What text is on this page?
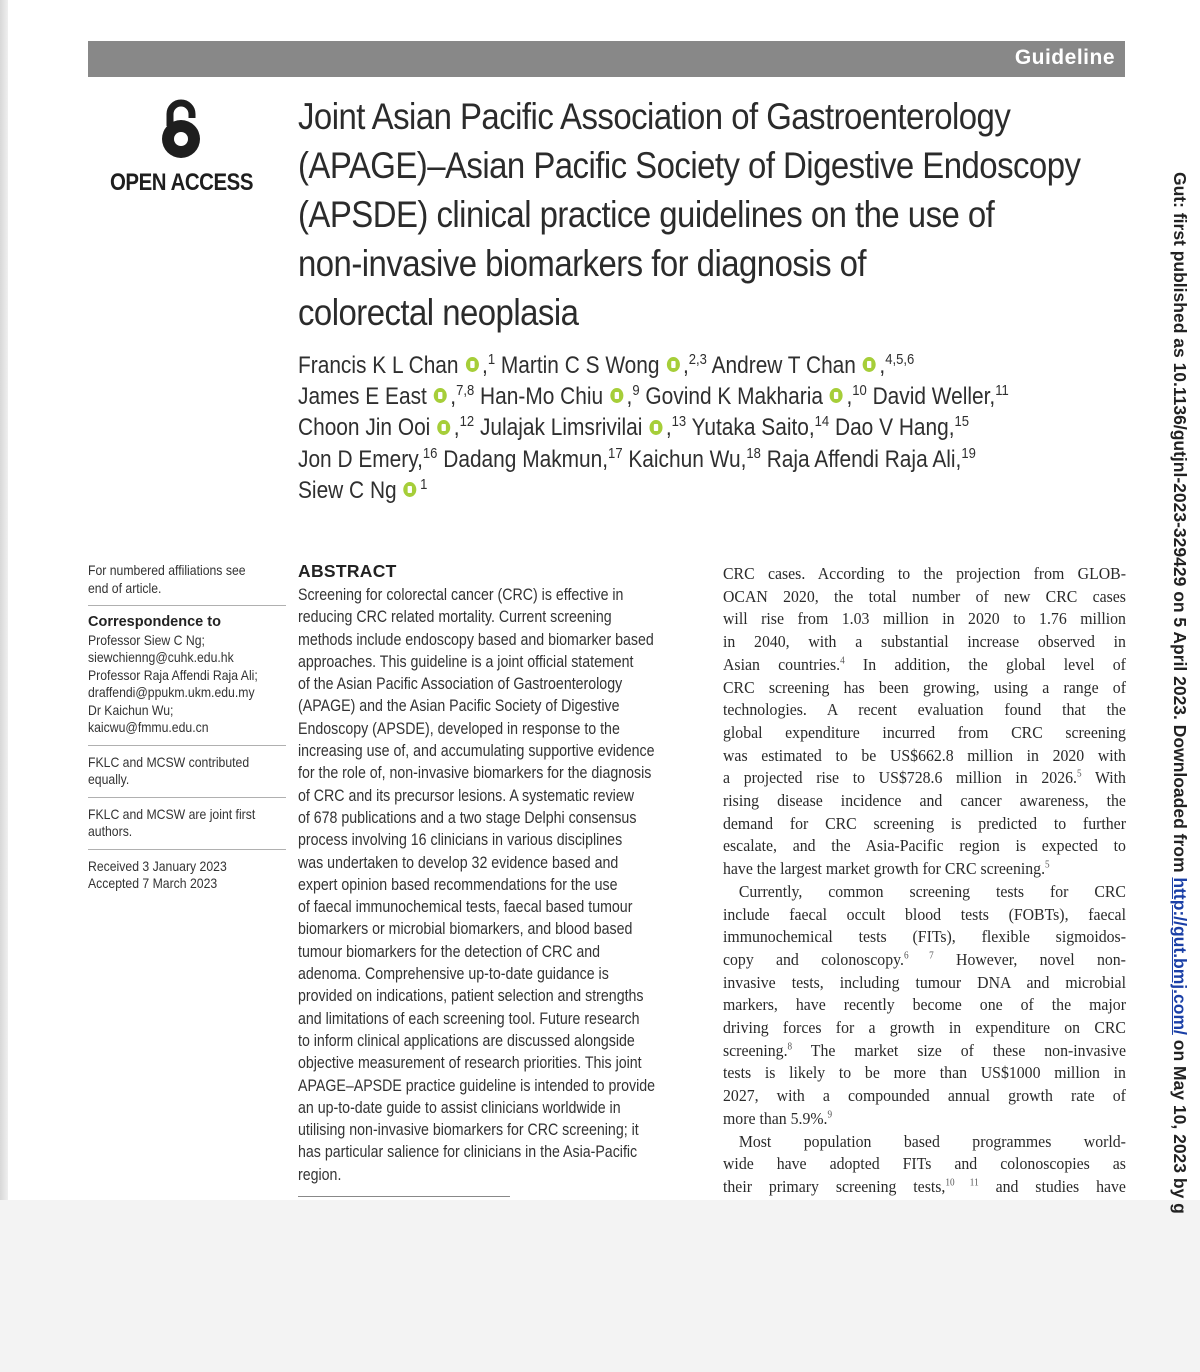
Guideline
OPEN ACCESS
Joint Asian Pacific Association of Gastroenterology
(APAGE)–Asian Pacific Society of Digestive Endoscopy
(APSDE) clinical practice guidelines on the use of
non-invasive biomarkers for diagnosis of
colorectal neoplasia
Francis K L Chan ,$^1$ Martin C S Wong ,$^{2,3}$ Andrew T Chan ,$^{4,5,6}$
James E East ,$^{7,8}$ Han-Mo Chiu ,$^9$ Govind K Makharia ,$^{10}$ David Weller,$^{11}$
Choon Jin Ooi ,$^{12}$ Julajak Limsrivilai ,$^{13}$ Yutaka Saito,$^{14}$ Dao V Hang,$^{15}$
Jon D Emery,$^{16}$ Dadang Makmun,$^{17}$ Kaichun Wu,$^{18}$ Raja Affendi Raja Ali,$^{19}$
Siew C Ng $^1$
For numbered affiliations see
end of article.
Correspondence to
Professor Siew C Ng;
siewchienng@cuhk.edu.hk
Professor Raja Affendi Raja Ali;
draffendi@ppukm.ukm.edu.my
Dr Kaichun Wu;
kaicwu@fmmu.edu.cn
FKLC and MCSW contributed
equally.
FKLC and MCSW are joint first
authors.
Received 3 January 2023
Accepted 7 March 2023
ABSTRACT
Screening for colorectal cancer (CRC) is effective in
reducing CRC related mortality. Current screening
methods include endoscopy based and biomarker based
approaches. This guideline is a joint official statement
of the Asian Pacific Association of Gastroenterology
(APAGE) and the Asian Pacific Society of Digestive
Endoscopy (APSDE), developed in response to the
increasing use of, and accumulating supportive evidence
for the role of, non-invasive biomarkers for the diagnosis
of CRC and its precursor lesions. A systematic review
of 678 publications and a two stage Delphi consensus
process involving 16 clinicians in various disciplines
was undertaken to develop 32 evidence based and
expert opinion based recommendations for the use
of faecal immunochemical tests, faecal based tumour
biomarkers or microbial biomarkers, and blood based
tumour biomarkers for the detection of CRC and
adenoma. Comprehensive up-to-date guidance is
provided on indications, patient selection and strengths
and limitations of each screening tool. Future research
to inform clinical applications are discussed alongside
objective measurement of research priorities. This joint
APAGE–APSDE practice guideline is intended to provide
an up-to-date guide to assist clinicians worldwide in
utilising non-invasive biomarkers for CRC screening; it
has particular salience for clinicians in the Asia-Pacific
region.
CRC cases. According to the projection from GLOB-
OCAN 2020, the total number of new CRC cases
will rise from 1.03 million in 2020 to 1.76 million
in 2040, with a substantial increase observed in
Asian countries.$^4$ In addition, the global level of
CRC screening has been growing, using a range of
technologies. A recent evaluation found that the
global expenditure incurred from CRC screening
was estimated to be US$662.8 million in 2020 with
a projected rise to US$728.6 million in 2026.$^5$ With
rising disease incidence and cancer awareness, the
demand for CRC screening is predicted to further
escalate, and the Asia-Pacific region is expected to
have the largest market growth for CRC screening.$^5$
 Currently, common screening tests for CRC
include faecal occult blood tests (FOBTs), faecal
immunochemical tests (FITs), flexible sigmoidos-
copy and colonoscopy.$^{6 7}$ However, novel non-
invasive tests, including tumour DNA and microbial
markers, have recently become one of the major
driving forces for a growth in expenditure on CRC
screening.$^8$ The market size of these non-invasive
tests is likely to be more than US$1000 million in
2027, with a compounded annual growth rate of
more than 5.9%.$^9$
 Most population based programmes world-
wide have adopted FITs and colonoscopies as
their primary screening tests,$^{10 11}$ and studies have
Gut: first published as 10.1136/gutjnl-2023-329429 on 5 April 2023. Downloaded from http://gut.bmj.com/ on May 10, 2023 by g
